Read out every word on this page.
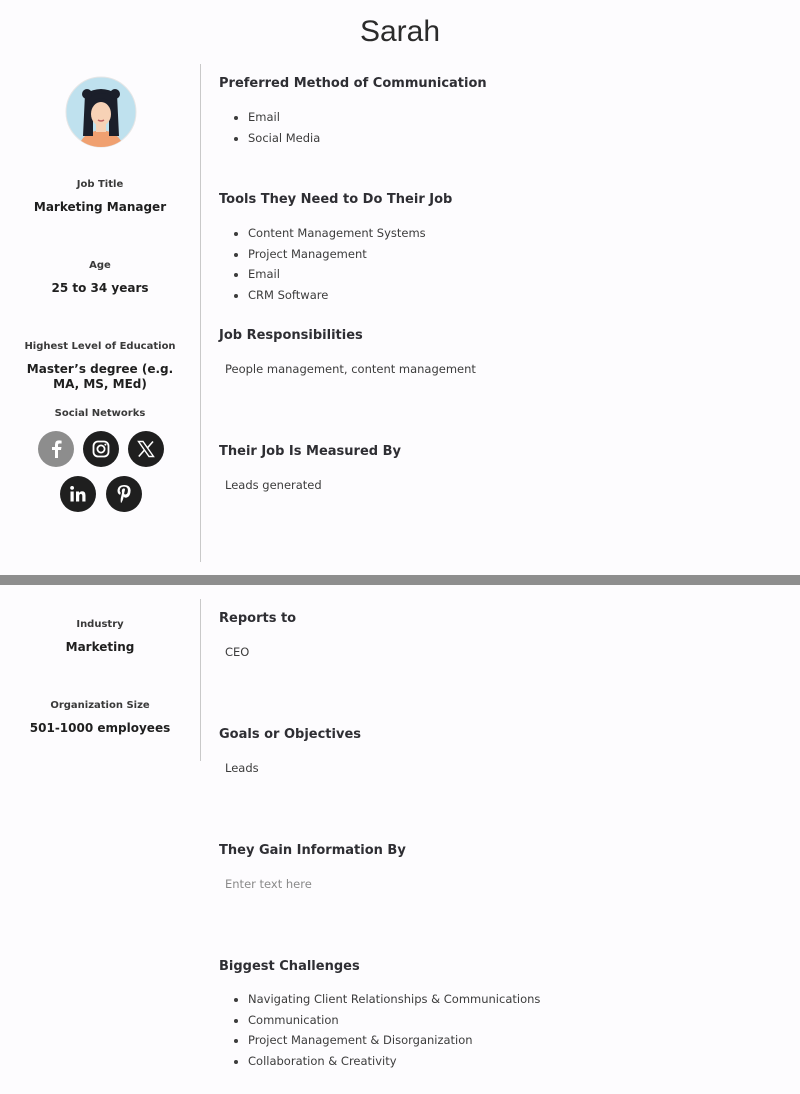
Sarah
Job Title
Marketing Manager
Age
25 to 34 years
Highest Level of Education
Master’s degree (e.g. MA, MS, MEd)
Social Networks
Preferred Method of Communication
Email
Social Media
Tools They Need to Do Their Job
Content Management Systems
Project Management
Email
CRM Software
Job Responsibilities
People management, content management
Their Job Is Measured By
Leads generated
Industry
Marketing
Organization Size
501-1000 employees
Reports to
CEO
Goals or Objectives
Leads
They Gain Information By
Enter text here
Biggest Challenges
Navigating Client Relationships & Communications
Communication
Project Management & Disorganization
Collaboration & Creativity
